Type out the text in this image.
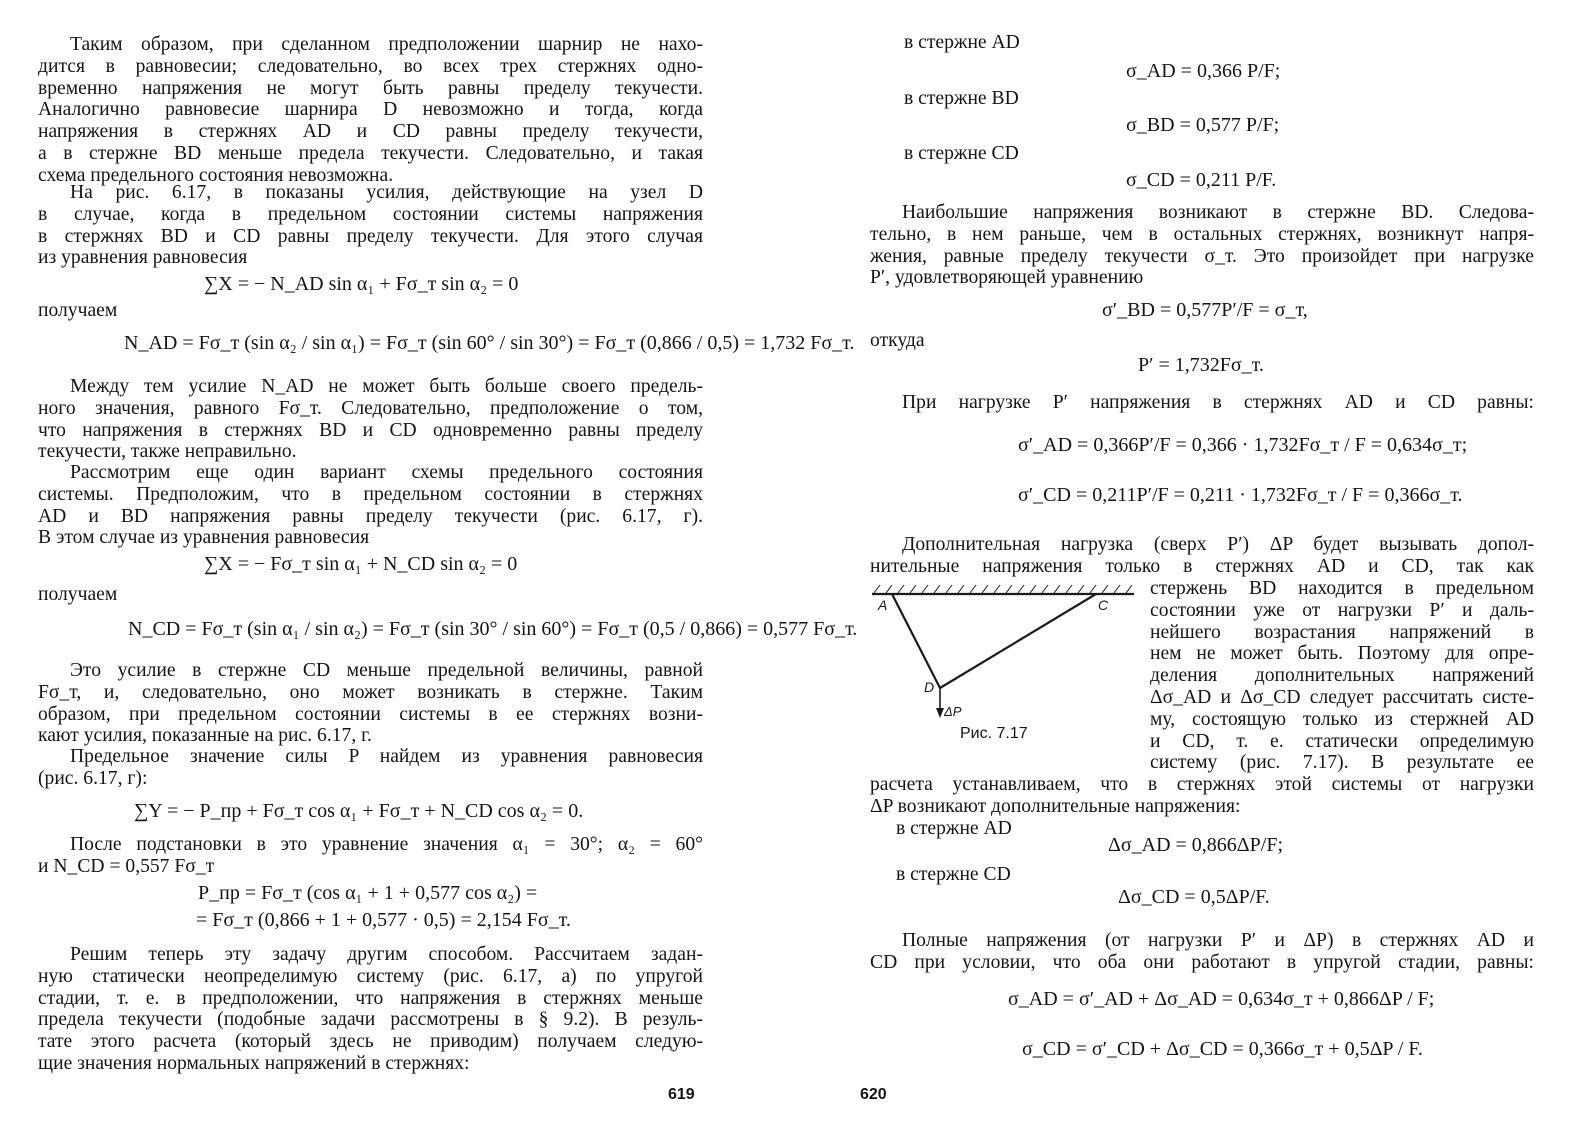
Таким образом, при сделанном предположении шарнир не нахо-
дится в равновесии; следовательно, во всех трех стержнях одно-
временно напряжения не могут быть равны пределу текучести.
Аналогично равновесие шарнира D невозможно и тогда, когда
напряжения в стержнях AD и CD равны пределу текучести,
а в стержне BD меньше предела текучести. Следовательно, и такая
схема предельного состояния невозможна.
На рис. 6.17, в показаны усилия, действующие на узел D
в случае, когда в предельном состоянии системы напряжения
в стержнях BD и CD равны пределу текучести. Для этого случая
из уравнения равновесия
∑X = − N_AD sin α₁ + Fσ_т sin α₂ = 0
получаем
N_AD = Fσ_т (sin α₂ / sin α₁) = Fσ_т (sin 60° / sin 30°) = Fσ_т (0,866 / 0,5) = 1,732 Fσ_т.
Между тем усилие N_AD не может быть больше своего предель-
ного значения, равного Fσ_т. Следовательно, предположение о том,
что напряжения в стержнях BD и CD одновременно равны пределу
текучести, также неправильно.
Рассмотрим еще один вариант схемы предельного состояния
системы. Предположим, что в предельном состоянии в стержнях
AD и BD напряжения равны пределу текучести (рис. 6.17, г).
В этом случае из уравнения равновесия
∑X = − Fσ_т sin α₁ + N_CD sin α₂ = 0
получаем
N_CD = Fσ_т (sin α₁ / sin α₂) = Fσ_т (sin 30° / sin 60°) = Fσ_т (0,5 / 0,866) = 0,577 Fσ_т.
Это усилие в стержне CD меньше предельной величины, равной
Fσ_т, и, следовательно, оно может возникать в стержне. Таким
образом, при предельном состоянии системы в ее стержнях возни-
кают усилия, показанные на рис. 6.17, г.
Предельное значение силы P найдем из уравнения равновесия
(рис. 6.17, г):
∑Y = − P_пр + Fσ_т cos α₁ + Fσ_т + N_CD cos α₂ = 0.
После подстановки в это уравнение значения α₁ = 30°; α₂ = 60°
и N_CD = 0,557 Fσ_т
P_пр = Fσ_т (cos α₁ + 1 + 0,577 cos α₂) =
= Fσ_т (0,866 + 1 + 0,577 · 0,5) = 2,154 Fσ_т.
Решим теперь эту задачу другим способом. Рассчитаем задан-
ную статически неопределимую систему (рис. 6.17, а) по упругой
стадии, т. е. в предположении, что напряжения в стержнях меньше
предела текучести (подобные задачи рассмотрены в § 9.2). В резуль-
тате этого расчета (который здесь не приводим) получаем следую-
щие значения нормальных напряжений в стержнях:
619
в стержне AD
σ_AD = 0,366 P/F;
в стержне BD
σ_BD = 0,577 P/F;
в стержне CD
σ_CD = 0,211 P/F.
Наибольшие напряжения возникают в стержне BD. Следова-
тельно, в нем раньше, чем в остальных стержнях, возникнут напря-
жения, равные пределу текучести σ_т. Это произойдет при нагрузке
P′, удовлетворяющей уравнению
σ′_BD = 0,577P′/F = σ_т,
откуда
P′ = 1,732Fσ_т.
При нагрузке P′ напряжения в стержнях AD и CD равны:
σ′_AD = 0,366P′/F = 0,366 · 1,732Fσ_т / F = 0,634σ_т;
σ′_CD = 0,211P′/F = 0,211 · 1,732Fσ_т / F = 0,366σ_т.
Дополнительная нагрузка (сверх P′) ΔP будет вызывать допол-
нительные напряжения только в стержнях AD и CD, так как
A	C
D
ΔP
Рис. 7.17
стержень BD находится в предельном
состоянии уже от нагрузки P′ и даль-
нейшего возрастания напряжений в
нем не может быть. Поэтому для опре-
деления дополнительных напряжений
Δσ_AD и Δσ_CD следует рассчитать систе-
му, состоящую только из стержней AD
и CD, т. е. статически определимую
систему (рис. 7.17). В результате ее
расчета устанавливаем, что в стержнях этой системы от нагрузки
ΔP возникают дополнительные напряжения:
в стержне AD
Δσ_AD = 0,866ΔP/F;
в стержне CD
Δσ_CD = 0,5ΔP/F.
Полные напряжения (от нагрузки P′ и ΔP) в стержнях AD и
CD при условии, что оба они работают в упругой стадии, равны:
σ_AD = σ′_AD + Δσ_AD = 0,634σ_т + 0,866ΔP / F;
σ_CD = σ′_CD + Δσ_CD = 0,366σ_т + 0,5ΔP / F.
620
